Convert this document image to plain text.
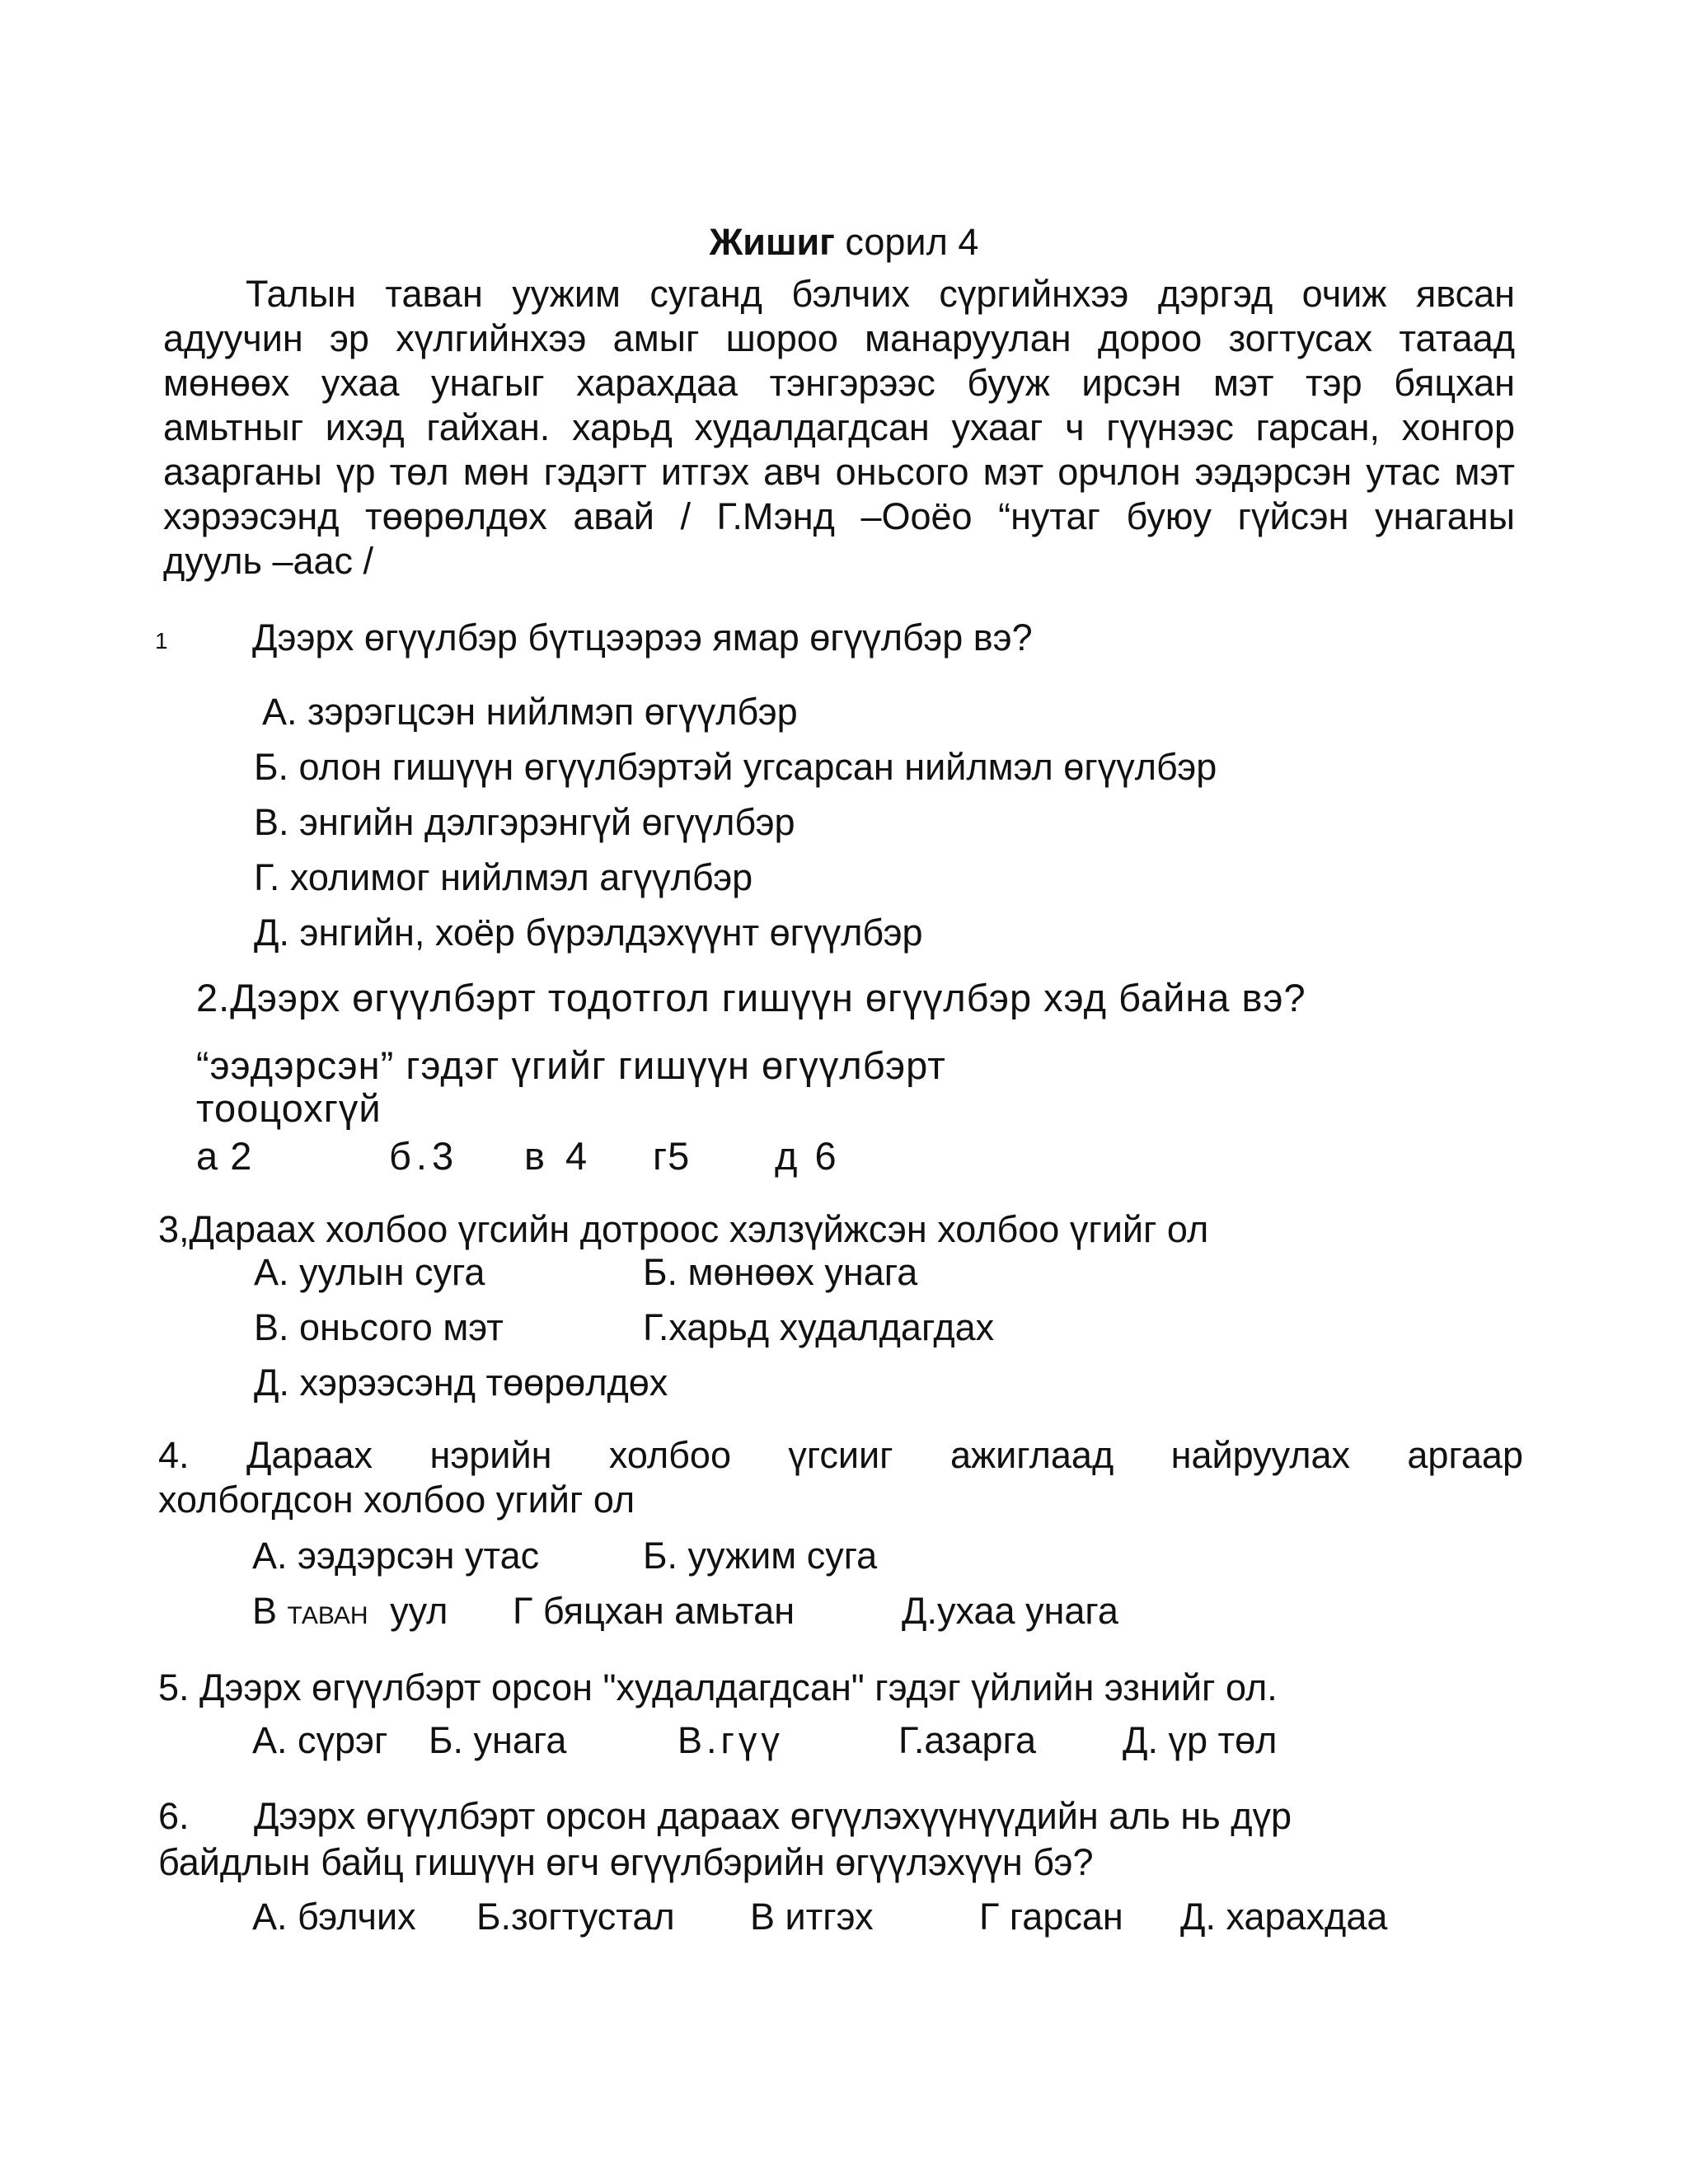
Жишиг сорил 4
Талын таван уужим суганд бэлчих сүргийнхээ дэргэд очиж явсан
адуучин эр хүлгийнхээ амыг шороо манаруулан дороо зогтусах татаад
мөнөөх ухаа унагыг харахдаа тэнгэрээс бууж ирсэн мэт тэр бяцхан
амьтныг ихэд гайхан. харьд худалдагдсан ухааг ч гүүнээс гарсан, хонгор
азарганы үр төл мөн гэдэгт итгэх авч оньсого мэт орчлон ээдэрсэн утас мэт
хэрээсэнд төөрөлдөх авай / Г.Мэнд –Ооёо “нутаг буюу гүйсэн унаганы
дууль –аас /
1 Дээрх өгүүлбэр бүтцээрээ ямар өгүүлбэр вэ?
А. зэрэгцсэн нийлмэп өгүүлбэр
Б. олон гишүүн өгүүлбэртэй угсарсан нийлмэл өгүүлбэр
В. энгийн дэлгэрэнгүй өгүүлбэр
Г. холимог нийлмэл агүүлбэр
Д. энгийн, хоёр бүрэлдэхүүнт өгүүлбэр
2.Дээрх өгүүлбэрт тодотгол гишүүн өгүүлбэр хэд байна вэ?
“ээдэрсэн” гэдэг үгийг гишүүн өгүүлбэрт
тооцохгүй
а 2	б.3 в 4 г5 д 6
3,Дараах холбоо үгсийн дотроос хэлзүйжсэн холбоо үгийг ол
А. уулын суга	Б. мөнөөх унага
В. оньсого мэт	Г.харьд худалдагдах
Д. хэрээсэнд төөрөлдөх
4. Дараах нэрийн холбоо үгсииг ажиглаад найруулах аргаар
холбогдсон холбоо угийг ол
А. ээдэрсэн утас	Б. уужим суга
В ТАВАН уул Г бяцхан амьтан	Д.ухаа унага
5. Дээрх өгүүлбэрт орсон "худалдагдсан" гэдэг үйлийн эзнийг ол.
А. сүрэг Б. унага	В.гүү	Г.азарга Д. үр төл
6. Дээрх өгүүлбэрт орсон дараах өгүүлэхүүнүүдийн аль нь дүр
байдлын байц гишүүн өгч өгүүлбэрийн өгүүлэхүүн бэ?
А. бэлчих Б.зогтустал В итгэх	Г гарсан Д. харахдаа
